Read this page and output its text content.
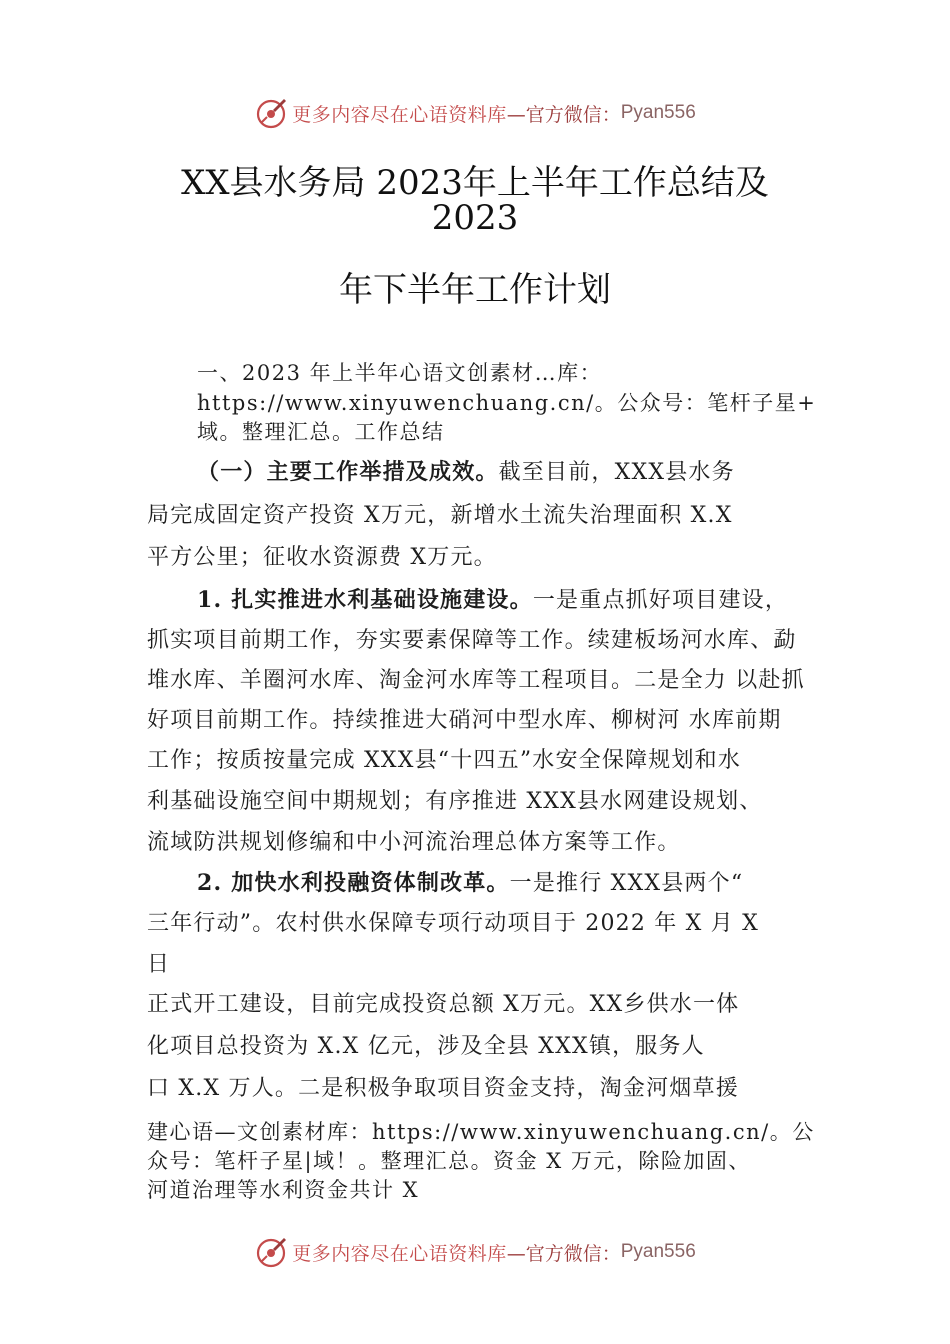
更多内容尽在心语资料库 —官方微信： Pyan556
XX县水务局 2023年上半年工作总结及
2023
年下半年工作计划
一、2023 年上半年心语文创素材…库：
https://www.xinyuwenchuang.cn/。公众号：笔杆子星+
域。整理汇总。工作总结
（一）主要工作举措及成效。截至目前，XXX县水务
局完成固定资产投资 X万元，新增水土流失治理面积 X.X
平方公里；征收水资源费 X万元。
1. 扎实推进水利基础设施建设。一是重点抓好项目建设，
抓实项目前期工作，夯实要素保障等工作。续建板场河水库、勐
堆水库、羊圈河水库、淘金河水库等工程项目。二是全力 以赴抓
好项目前期工作。持续推进大硝河中型水库、柳树河 水库前期
工作；按质按量完成 XXX县“十四五”水安全保障规划和水
利基础设施空间中期规划；有序推进 XXX县水网建设规划、
流域防洪规划修编和中小河流治理总体方案等工作。
2. 加快水利投融资体制改革。一是推行 XXX县两个“
三年行动”。农村供水保障专项行动项目于 2022 年 X 月 X
日
正式开工建设，目前完成投资总额 X万元。XX乡供水一体
化项目总投资为 X.X 亿元，涉及全县 XXX镇，服务人
口 X.X 万人。二是积极争取项目资金支持，淘金河烟草援
建心语—文创素材库：https://www.xinyuwenchuang.cn/。公
众号：笔杆子星|域！。整理汇总。资金 X 万元，除险加固、
河道治理等水利资金共计 X
更多内容尽在心语资料库 —官方微信： Pyan556
